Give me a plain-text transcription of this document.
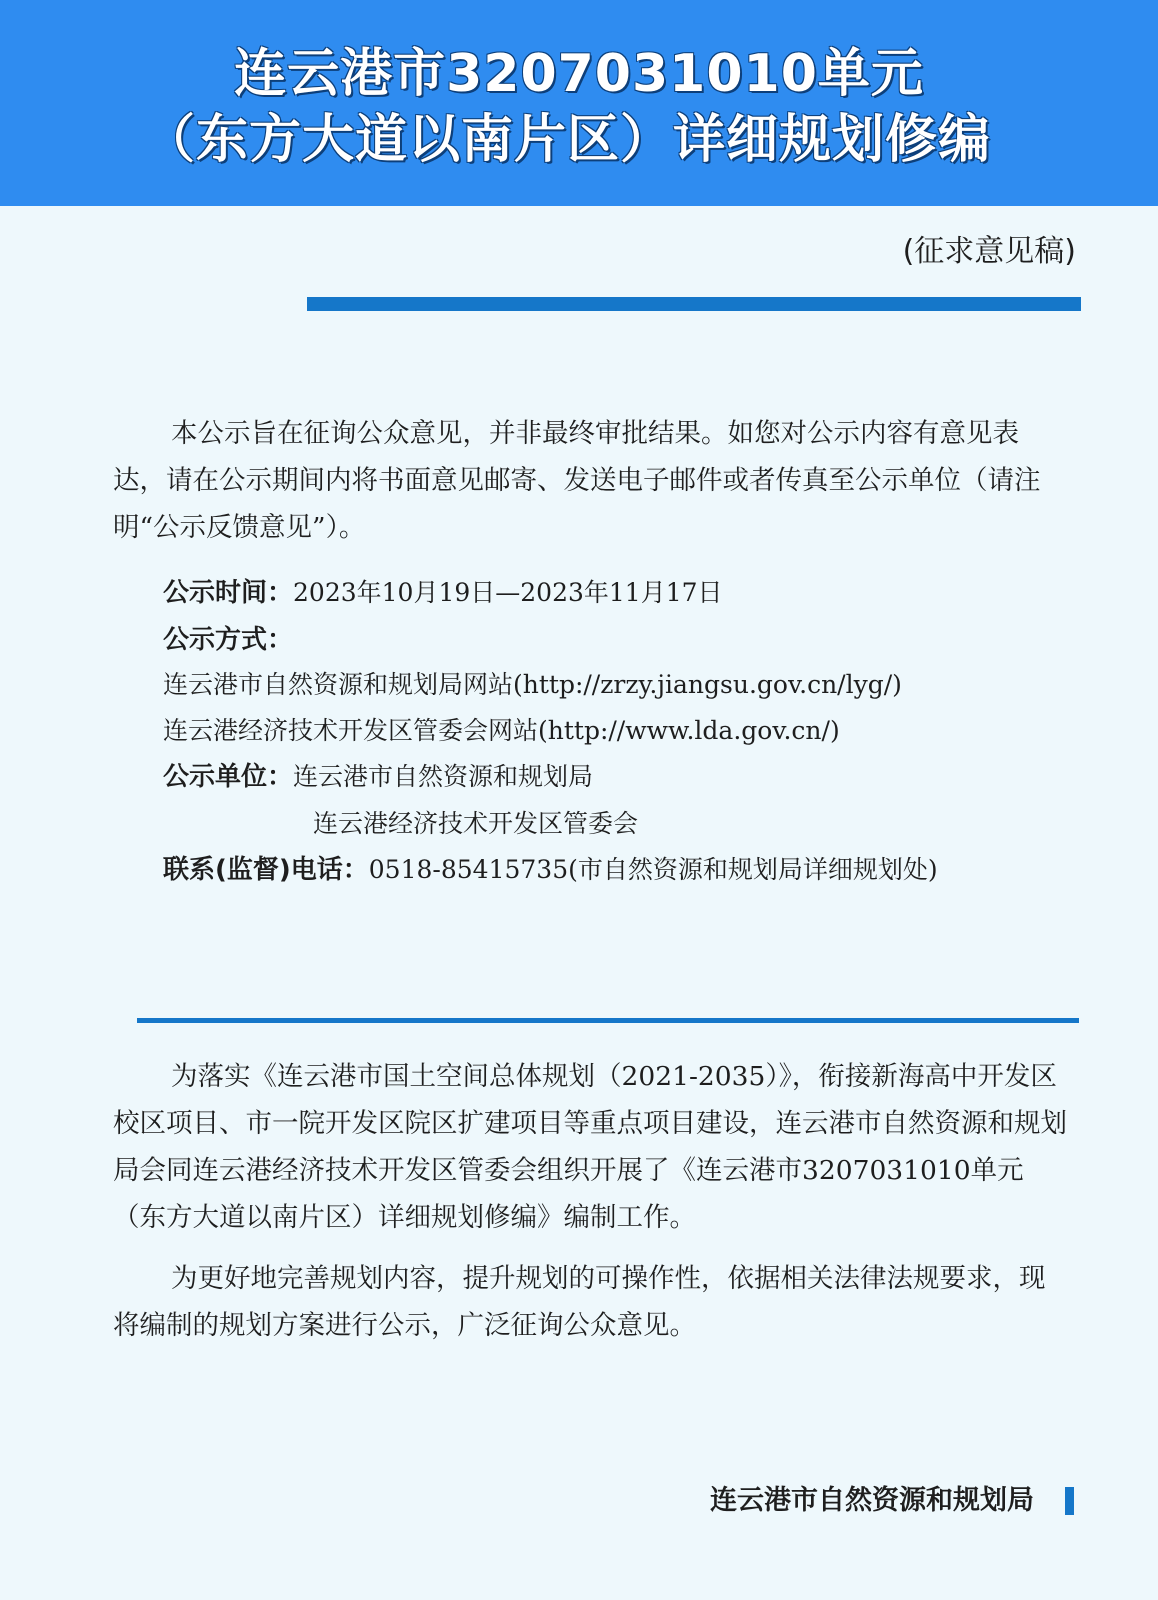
连云港市3207031010单元
（东方大道以南片区）详细规划修编
(征求意见稿)

本公示旨在征询公众意见，并非最终审批结果。如您对公示内容有意见表达，请在公示期间内将书面意见邮寄、发送电子邮件或者传真至公示单位（请注明“公示反馈意见”）。

公示时间：2023年10月19日—2023年11月17日
公示方式：
连云港市自然资源和规划局网站(http://zrzy.jiangsu.gov.cn/lyg/)
连云港经济技术开发区管委会网站(http://www.lda.gov.cn/)
公示单位：连云港市自然资源和规划局
连云港经济技术开发区管委会
联系(监督)电话：0518-85415735(市自然资源和规划局详细规划处)

为落实《连云港市国土空间总体规划（2021-2035）》，衔接新海高中开发区校区项目、市一院开发区院区扩建项目等重点项目建设，连云港市自然资源和规划局会同连云港经济技术开发区管委会组织开展了《连云港市3207031010单元（东方大道以南片区）详细规划修编》编制工作。

为更好地完善规划内容，提升规划的可操作性，依据相关法律法规要求，现将编制的规划方案进行公示，广泛征询公众意见。

连云港市自然资源和规划局
